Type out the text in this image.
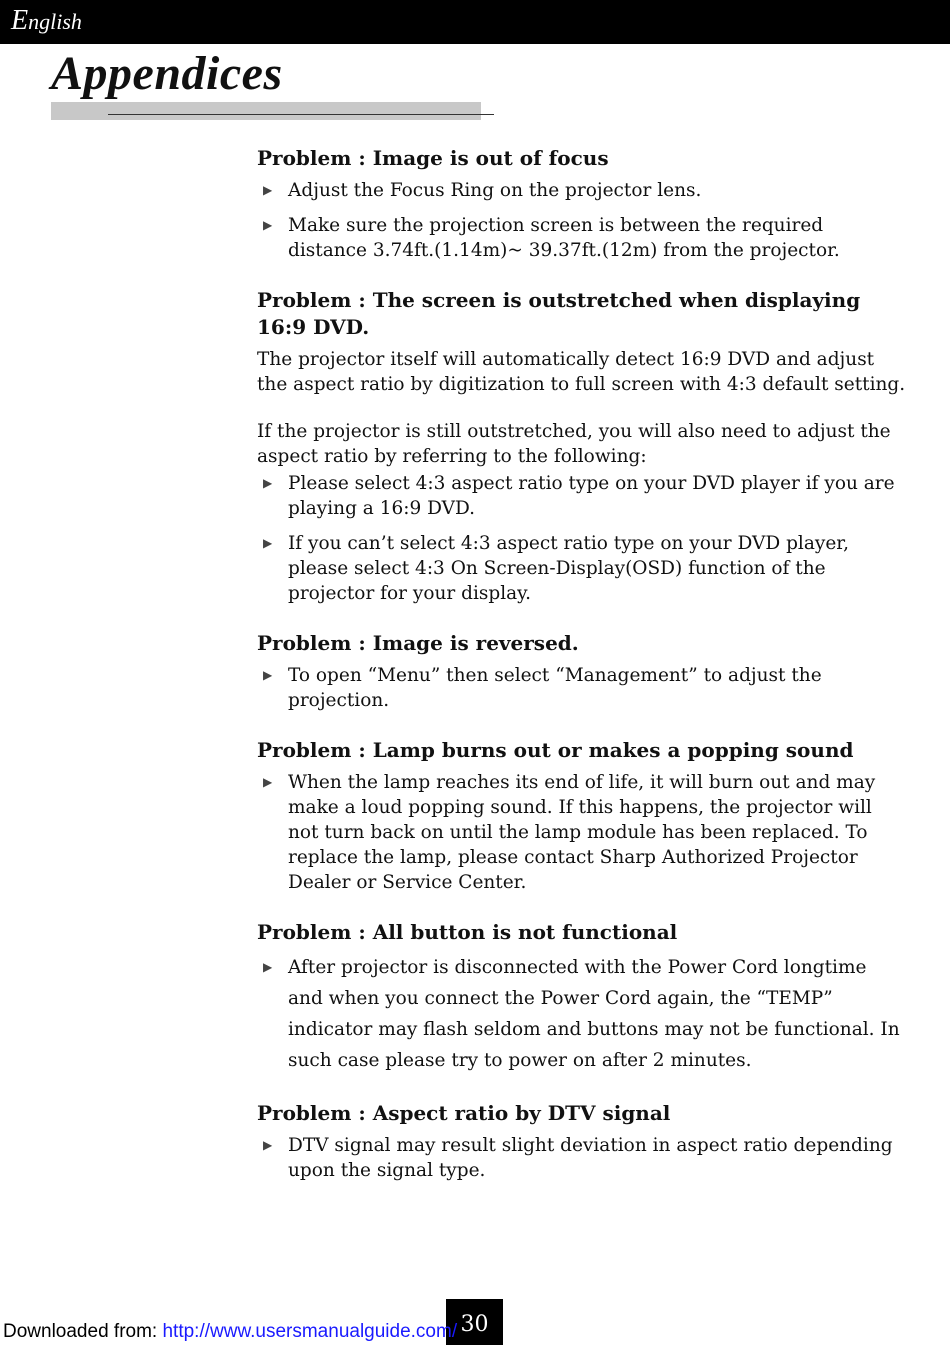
English
Appendices
Problem : Image is out of focus
▶ Adjust the Focus Ring on the projector lens.
▶ Make sure the projection screen is between the required distance 3.74ft.(1.14m)~ 39.37ft.(12m) from the projector.
Problem : The screen is outstretched when displaying 16:9 DVD.
The projector itself will automatically detect 16:9 DVD and adjust the aspect ratio by digitization to full screen with 4:3 default setting.
If the projector is still outstretched, you will also need to adjust the aspect ratio by referring to the following:
▶ Please select 4:3 aspect ratio type on your DVD player if you are playing a 16:9 DVD.
▶ If you can’t select 4:3 aspect ratio type on your DVD player, please select 4:3 On Screen-Display(OSD) function of the projector for your display.
Problem : Image is reversed.
▶ To open “Menu” then select “Management” to adjust the projection.
Problem : Lamp burns out or makes a popping sound
▶ When the lamp reaches its end of life, it will burn out and may make a loud popping sound. If this happens, the projector will not turn back on until the lamp module has been replaced. To replace the lamp, please contact Sharp Authorized Projector Dealer or Service Center.
Problem : All button is not functional
▶ After projector is disconnected with the Power Cord longtime and when you connect the Power Cord again, the “TEMP” indicator may flash seldom and buttons may not be functional. In such case please try to power on after 2 minutes.
Problem : Aspect ratio by DTV signal
▶ DTV signal may result slight deviation in aspect ratio depending upon the signal type.
30
Downloaded from: http://www.usersmanualguide.com/
